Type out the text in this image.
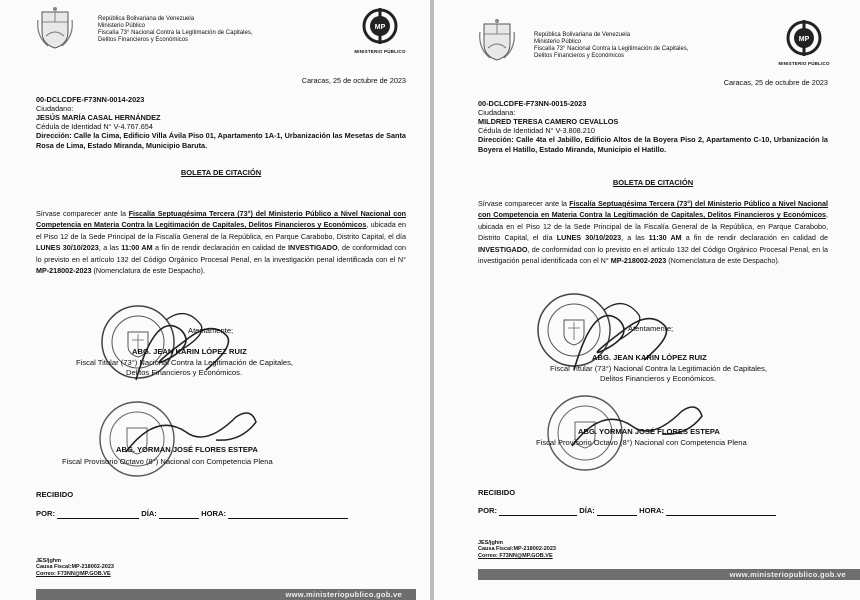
República Bolivariana de Venezuela
Ministerio Público
Fiscalía 73° Nacional Contra la Legitimación de Capitales,
Delitos Financieros y Económicos
MP
MINISTERIO PÚBLICO
Caracas, 25 de octubre de 2023
00-DCLCDFE-F73NN-0014-2023
Ciudadano:
JESÚS MARÍA CASAL HERNÁNDEZ
Cédula de Identidad N° V-4.767.654
Dirección: Calle la Cima, Edificio Villa Ávila Piso 01, Apartamento 1A-1, Urbanización las Mesetas de Santa Rosa de Lima, Estado Miranda, Municipio Baruta.
BOLETA DE CITACIÓN
Sírvase comparecer ante la Fiscalía Septuagésima Tercera (73°) del Ministerio Público a Nivel Nacional con Competencia en Materia Contra la Legitimación de Capitales, Delitos Financieros y Económicos, ubicada en el Piso 12 de la Sede Principal de la Fiscalía General de la República, en Parque Carabobo, Distrito Capital, el día LUNES 30/10/2023, a las 11:00 AM a fin de rendir declaración en calidad de INVESTIGADO, de conformidad con lo previsto en el artículo 132 del Código Orgánico Procesal Penal, en la investigación penal identificada con el N° MP-218002-2023 (Nomenclatura de este Despacho).
Atentamente;
ABG. JEAN KARIN LÓPEZ RUIZ
Fiscal Titular (73°) Nacional Contra la Legitimación de Capitales,
Delitos Financieros y Económicos.
ABG. YORMAN JOSÉ FLORES ESTEPA
Fiscal Provisorio Octavo (8°) Nacional con Competencia Plena
RECIBIDO
POR:	DÍA:	HORA:
JES/jghm
Causa Fiscal:MP-218002-2023
Correo: F73NN@MP.GOB.VE
www.ministeriopublico.gob.ve
República Bolivariana de Venezuela
Ministerio Público
Fiscalía 73° Nacional Contra la Legitimación de Capitales,
Delitos Financieros y Económicos
MP
MINISTERIO PÚBLICO
Caracas, 25 de octubre de 2023
00-DCLCDFE-F73NN-0015-2023
Ciudadana:
MILDRED TERESA CAMERO CEVALLOS
Cédula de Identidad N° V-3.808.210
Dirección: Calle 4ta el Jabillo, Edificio Altos de la Boyera Piso 2, Apartamento C-10, Urbanización la Boyera el Hatillo, Estado Miranda, Municipio el Hatillo.
BOLETA DE CITACIÓN
Sírvase comparecer ante la Fiscalía Septuagésima Tercera (73°) del Ministerio Público a Nivel Nacional con Competencia en Materia Contra la Legitimación de Capitales, Delitos Financieros y Económicos, ubicada en el Piso 12 de la Sede Principal de la Fiscalía General de la República, en Parque Carabobo, Distrito Capital, el día LUNES 30/10/2023, a las 11:30 AM a fin de rendir declaración en calidad de INVESTIGADO, de conformidad con lo previsto en el artículo 132 del Código Orgánico Procesal Penal, en la investigación penal identificada con el N° MP-218002-2023 (Nomenclatura de este Despacho).
Atentamente;
ABG. JEAN KARIN LÓPEZ RUIZ
Fiscal Titular (73°) Nacional Contra la Legitimación de Capitales,
Delitos Financieros y Económicos.
ABG. YORMAN JOSÉ FLORES ESTEPA
Fiscal Provisorio Octavo (8°) Nacional con Competencia Plena
RECIBIDO
POR:	DÍA:	HORA:
JES/jghm
Causa Fiscal:MP-218002-2023
Correo: F73NN@MP.GOB.VE
www.ministeriopublico.gob.ve
